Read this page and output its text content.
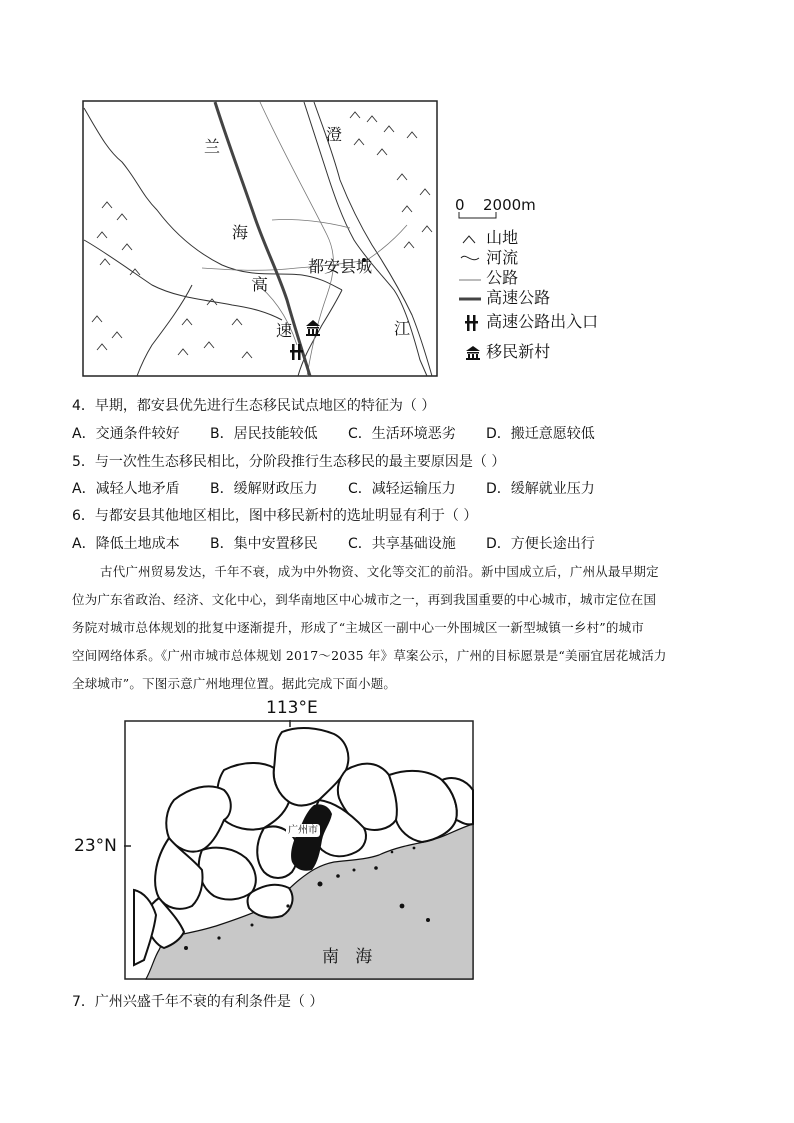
兰
海
高
速
澄
江
都安县城
0 2000m
山地
河流
公路
高速公路
高速公路出入口
移民新村
4．早期，都安县优先进行生态移民试点地区的特征为（ ）
A．交通条件较好 B．居民技能较低 C．生活环境恶劣 D．搬迁意愿较低
5．与一次性生态移民相比，分阶段推行生态移民的最主要原因是（ ）
A．减轻人地矛盾 B．缓解财政压力 C．减轻运输压力 D．缓解就业压力
6．与都安县其他地区相比，图中移民新村的选址明显有利于（ ）
A．降低土地成本 B．集中安置移民 C．共享基础设施 D．方便长途出行
古代广州贸易发达，千年不衰，成为中外物资、文化等交汇的前沿。新中国成立后，广州从最早期定
位为广东省政治、经济、文化中心，到华南地区中心城市之一，再到我国重要的中心城市，城市定位在国
务院对城市总体规划的批复中逐渐提升，形成了“主城区一副中心一外围城区一新型城镇一乡村”的城市
空间网络体系。《广州市城市总体规划 2017～2035 年》草案公示，广州的目标愿景是“美丽宜居花城活力
全球城市”。下图示意广州地理位置。据此完成下面小题。
113°E
23°N
广州市
南   海
7．广州兴盛千年不衰的有利条件是（ ）
